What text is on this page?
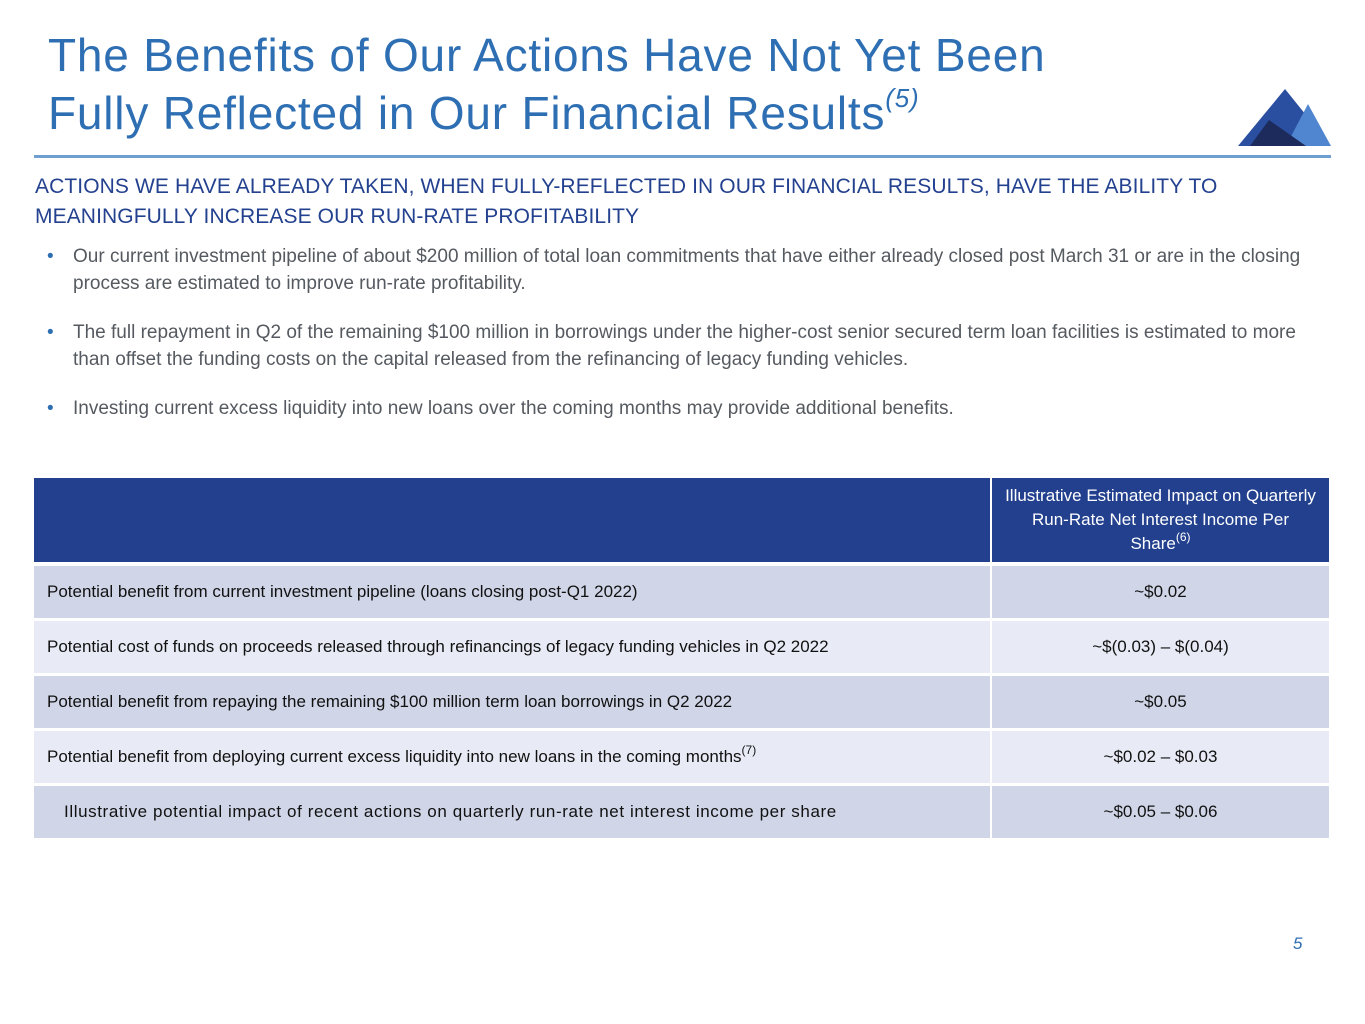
The Benefits of Our Actions Have Not Yet Been
Fully Reflected in Our Financial Results$^{(5)}$
ACTIONS WE HAVE ALREADY TAKEN, WHEN FULLY-REFLECTED IN OUR FINANCIAL RESULTS, HAVE THE ABILITY TO MEANINGFULLY INCREASE OUR RUN-RATE PROFITABILITY
• Our current investment pipeline of about $200 million of total loan commitments that have either already closed post March 31 or are in the closing process are estimated to improve run-rate profitability.
• The full repayment in Q2 of the remaining $100 million in borrowings under the higher-cost senior secured term loan facilities is estimated to more than offset the funding costs on the capital released from the refinancing of legacy funding vehicles.
• Investing current excess liquidity into new loans over the coming months may provide additional benefits.
	Illustrative Estimated Impact on Quarterly Run-Rate Net Interest Income Per Share$^{(6)}$
Potential benefit from current investment pipeline (loans closing post-Q1 2022)	~$0.02
Potential cost of funds on proceeds released through refinancings of legacy funding vehicles in Q2 2022	~$(0.03) – $(0.04)
Potential benefit from repaying the remaining $100 million term loan borrowings in Q2 2022	~$0.05
Potential benefit from deploying current excess liquidity into new loans in the coming months$^{(7)}$	~$0.02 – $0.03
Illustrative potential impact of recent actions on quarterly run-rate net interest income per share	~$0.05 – $0.06
5
